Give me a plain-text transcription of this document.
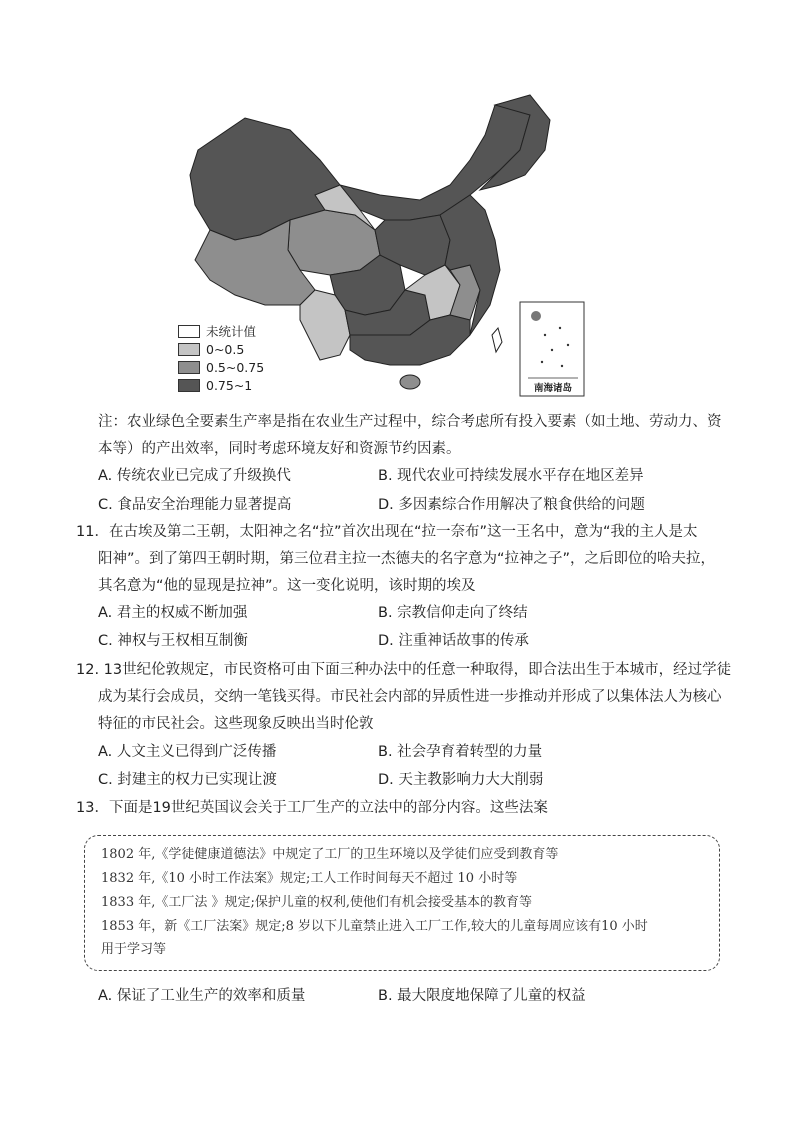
未统计值
0~0.5
0.5~0.75
0.75~1	南海诸岛
注：农业绿色全要素生产率是指在农业生产过程中，综合考虑所有投入要素（如土地、劳动力、资
本等）的产出效率，同时考虑环境友好和资源节约因素。
A. 传统农业已完成了升级换代	B. 现代农业可持续发展水平存在地区差异
C. 食品安全治理能力显著提高	D. 多因素综合作用解决了粮食供给的问题
11．在古埃及第二王朝，太阳神之名“拉”首次出现在“拉一奈布”这一王名中，意为“我的主人是太
阳神”。到了第四王朝时期，第三位君主拉一杰德夫的名字意为“拉神之子”，之后即位的哈夫拉，
其名意为“他的显现是拉神”。这一变化说明，该时期的埃及
A. 君主的权威不断加强	B. 宗教信仰走向了终结
C. 神权与王权相互制衡	D. 注重神话故事的传承
12. 13世纪伦敦规定，市民资格可由下面三种办法中的任意一种取得，即合法出生于本城市，经过学徒
成为某行会成员，交纳一笔钱买得。市民社会内部的异质性进一步推动并形成了以集体法人为核心
特征的市民社会。这些现象反映出当时伦敦
A. 人文主义已得到广泛传播	B. 社会孕育着转型的力量
C. 封建主的权力已实现让渡	D. 天主教影响力大大削弱
13．下面是19世纪英国议会关于工厂生产的立法中的部分内容。这些法案
1802 年,《学徒健康道德法》中规定了工厂的卫生环境以及学徒们应受到教育等
1832 年,《10 小时工作法案》规定;工人工作时间每天不超过 10 小时等
1833 年,《工厂法 》规定;保护儿童的权利,使他们有机会接受基本的教育等
1853 年，新《工厂法案》规定;8 岁以下儿童禁止进入工厂工作,较大的儿童每周应该有10 小时
用于学习等
A. 保证了工业生产的效率和质量	B. 最大限度地保障了儿童的权益
